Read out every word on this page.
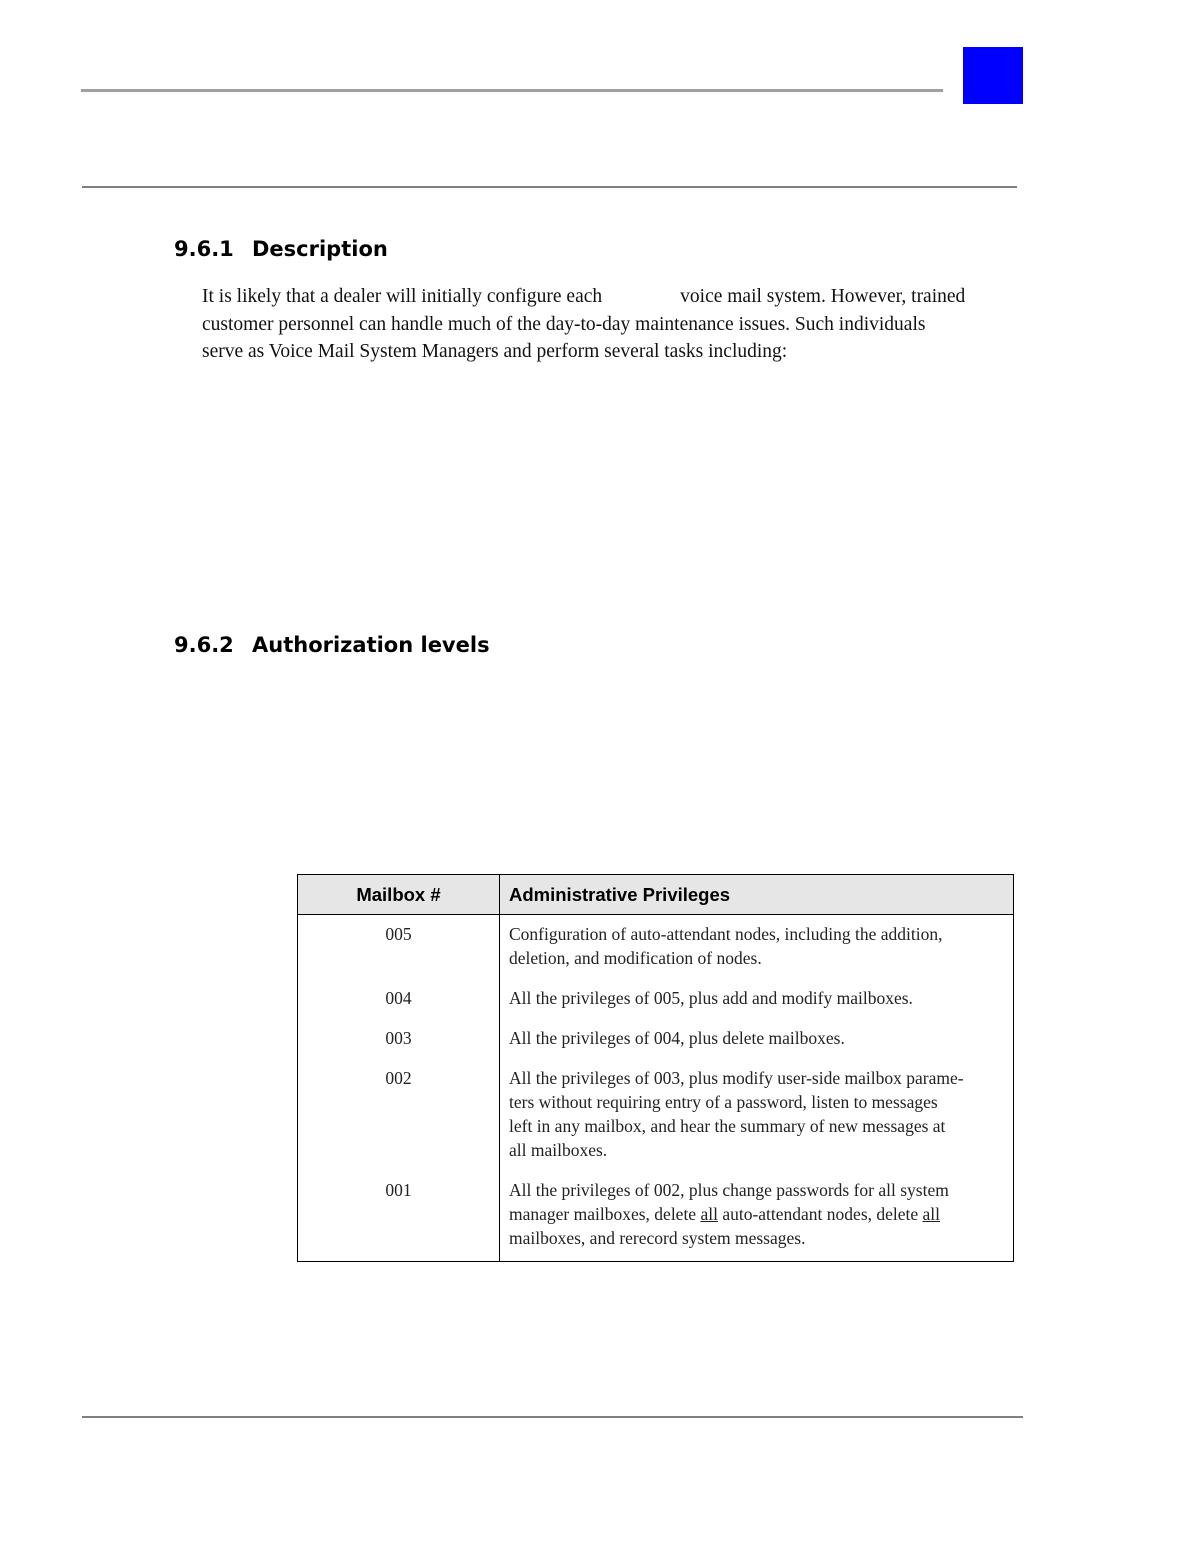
9.6.1 Description

It is likely that a dealer will initially configure each	voice mail system. However, trained
customer personnel can handle much of the day-to-day maintenance issues. Such individuals
serve as Voice Mail System Managers and perform several tasks including:

9.6.2 Authorization levels
Mailbox #	Administrative Privileges
005	Configuration of auto-attendant nodes, including the addition,
deletion, and modification of nodes.

004	All the privileges of 005, plus add and modify mailboxes.

003	All the privileges of 004, plus delete mailboxes.

002	All the privileges of 003, plus modify user-side mailbox parame-
ters without requiring entry of a password, listen to messages
left in any mailbox, and hear the summary of new messages at
all mailboxes.

001	All the privileges of 002, plus change passwords for all system
manager mailboxes, delete all auto-attendant nodes, delete all
mailboxes, and rerecord system messages.
